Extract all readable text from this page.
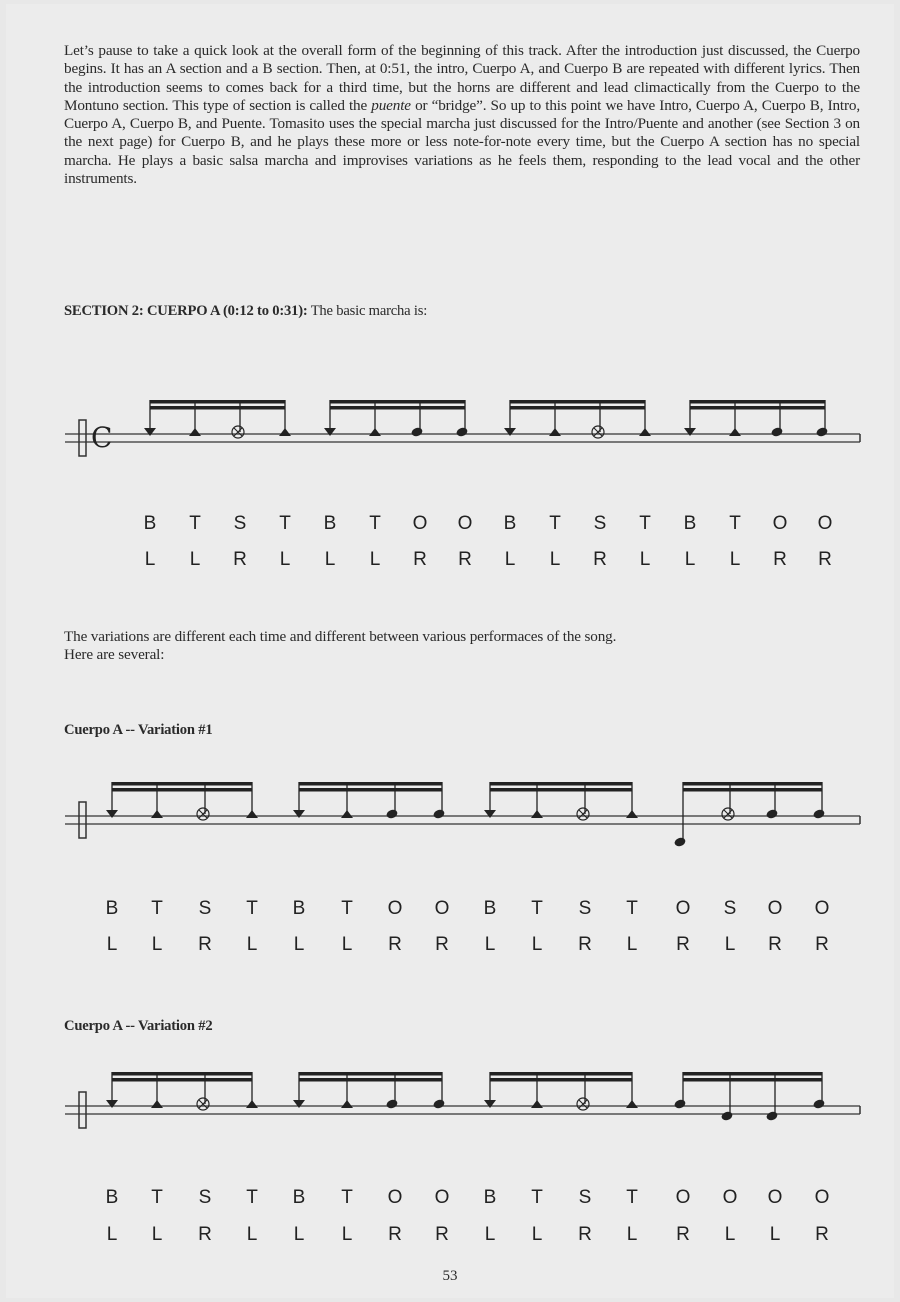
Let’s pause to take a quick look at the overall form of the beginning of this track. After the introduction just discussed, the Cuerpo begins. It has an A section and a B section. Then, at 0:51, the intro, Cuerpo A, and Cuerpo B are repeated with different lyrics. Then the introduction seems to comes back for a third time, but the horns are different and lead climactically from the Cuerpo to the Montuno section. This type of section is called the puente or “bridge”. So up to this point we have Intro, Cuerpo A, Cuerpo B, Intro, Cuerpo A, Cuerpo B, and Puente. Tomasito uses the special marcha just discussed for the Intro/Puente and another (see Section 3 on the next page) for Cuerpo B, and he plays these more or less note-for-note every time, but the Cuerpo A section has no special marcha. He plays a basic salsa marcha and improvises variations as he feels them, responding to the lead vocal and the other instruments.

SECTION 2: CUERPO A (0:12 to 0:31): The basic marcha is:
C
B T S T B T O O B T S T B T O O
L L R L L L R R L L R L L L R R
The variations are different each time and different between various performaces of the song.
Here are several:
Cuerpo A -- Variation #1
B T S T B T O O B T S T O S O O
L L R L L L R R L L R L R L R R
Cuerpo A -- Variation #2
B T S T B T O O B T S T O O O O
L L R L L L R R L L R L R L L R
53
